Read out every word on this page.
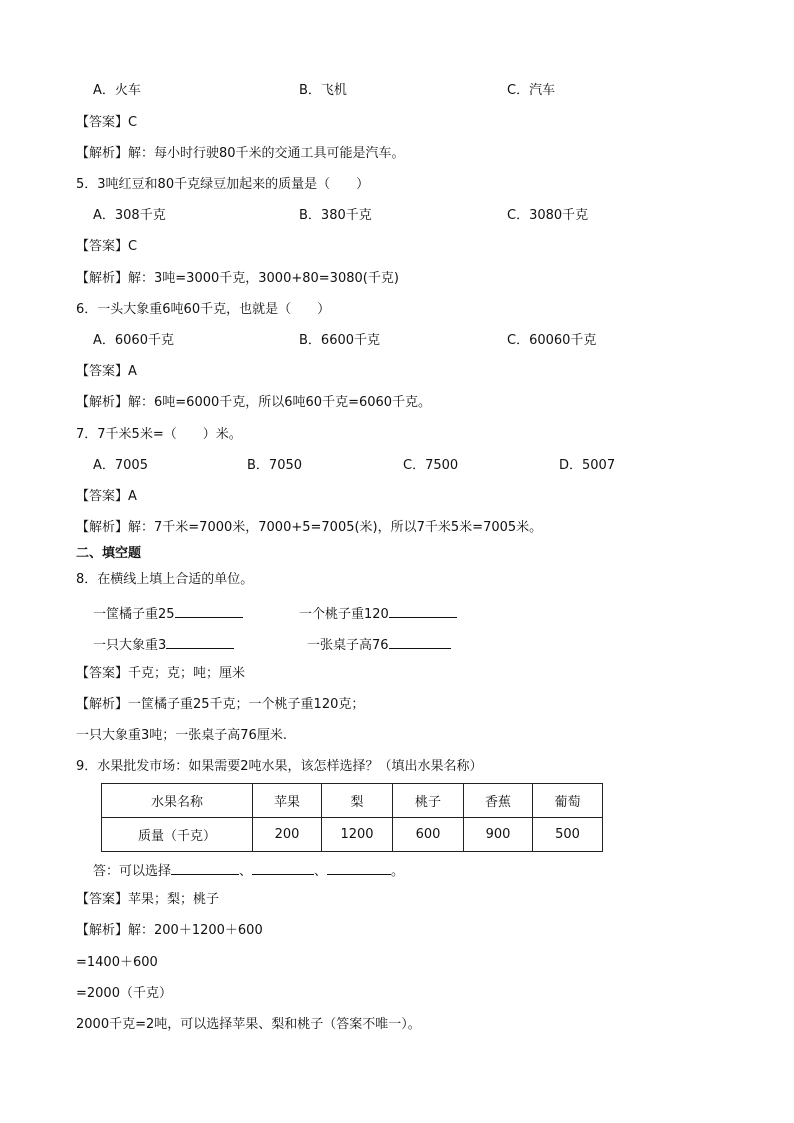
A．火车	B．飞机	C．汽车
【答案】C
【解析】解：每小时行驶80千米的交通工具可能是汽车。
5．3吨红豆和80千克绿豆加起来的质量是（　　）
A．308千克	B．380千克	C．3080千克
【答案】C
【解析】解：3吨=3000千克，3000+80=3080(千克)
6．一头大象重6吨60千克，也就是（　　）
A．6060千克	B．6600千克	C．60060千克
【答案】A
【解析】解：6吨=6000千克，所以6吨60千克=6060千克。
7．7千米5米=（　　）米。
A．7005	B．7050	C．7500	D．5007
【答案】A
【解析】解：7千米=7000米，7000+5=7005(米)，所以7千米5米=7005米。
二、填空题
8．在横线上填上合适的单位。
一筐橘子重25	一个桃子重120
一只大象重3	一张桌子高76
【答案】千克；克；吨；厘米
【解析】一筐橘子重25千克；一个桃子重120克；
一只大象重3吨；一张桌子高76厘米.
9．水果批发市场：如果需要2吨水果，该怎样选择？（填出水果名称）
水果名称	苹果	梨	桃子	香蕉	葡萄
质量（千克）	200	1200	600	900	500
答：可以选择	、	、	。
【答案】苹果；梨；桃子
【解析】解：200＋1200＋600
=1400＋600
=2000（千克）
2000千克=2吨，可以选择苹果、梨和桃子（答案不唯一）。
